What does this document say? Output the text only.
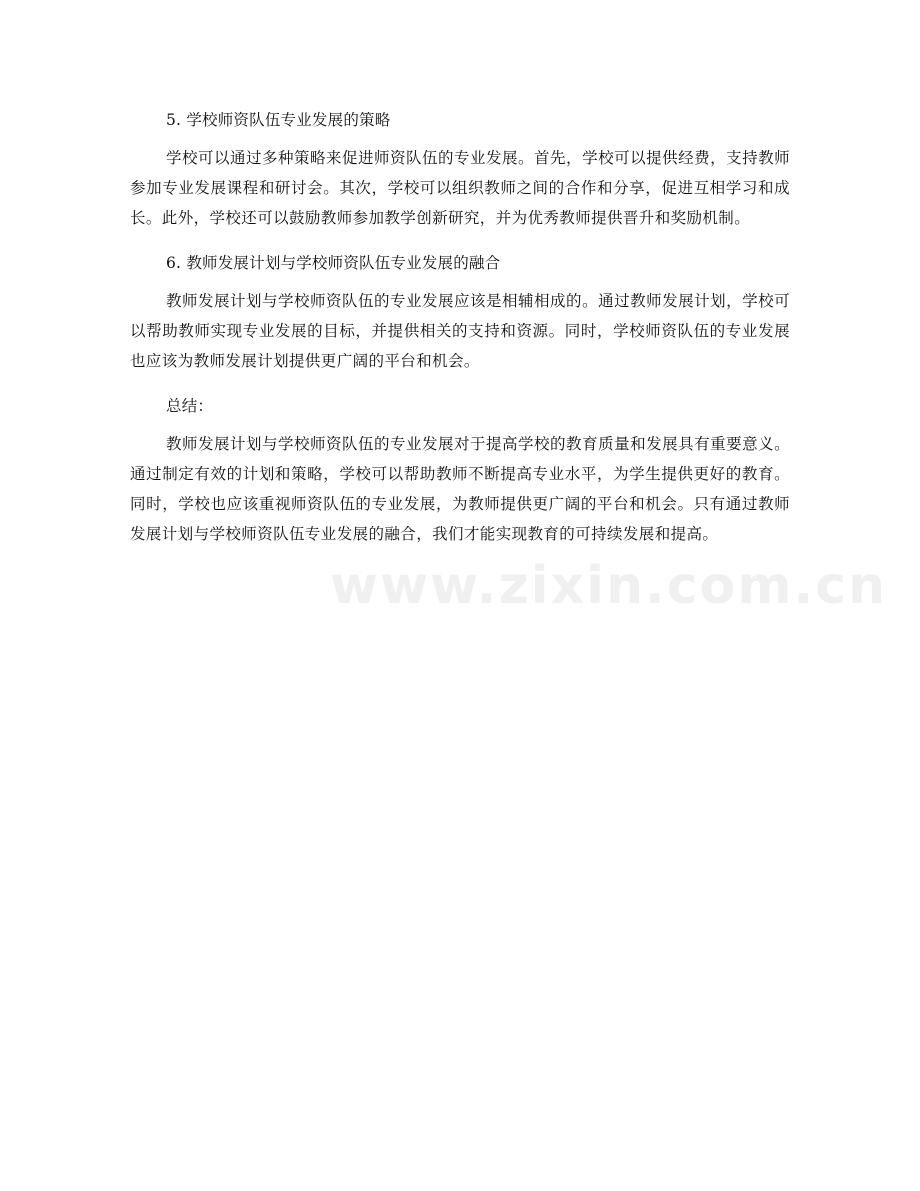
5. 学校师资队伍专业发展的策略
学校可以通过多种策略来促进师资队伍的专业发展。首先，学校可以提供经费，支持教师参加专业发展课程和研讨会。其次，学校可以组织教师之间的合作和分享，促进互相学习和成长。此外，学校还可以鼓励教师参加教学创新研究，并为优秀教师提供晋升和奖励机制。
6. 教师发展计划与学校师资队伍专业发展的融合
教师发展计划与学校师资队伍的专业发展应该是相辅相成的。通过教师发展计划，学校可以帮助教师实现专业发展的目标，并提供相关的支持和资源。同时，学校师资队伍的专业发展也应该为教师发展计划提供更广阔的平台和机会。
总结：
教师发展计划与学校师资队伍的专业发展对于提高学校的教育质量和发展具有重要意义。通过制定有效的计划和策略，学校可以帮助教师不断提高专业水平，为学生提供更好的教育。同时，学校也应该重视师资队伍的专业发展，为教师提供更广阔的平台和机会。只有通过教师发展计划与学校师资队伍专业发展的融合，我们才能实现教育的可持续发展和提高。
www.zixin.com.cn
